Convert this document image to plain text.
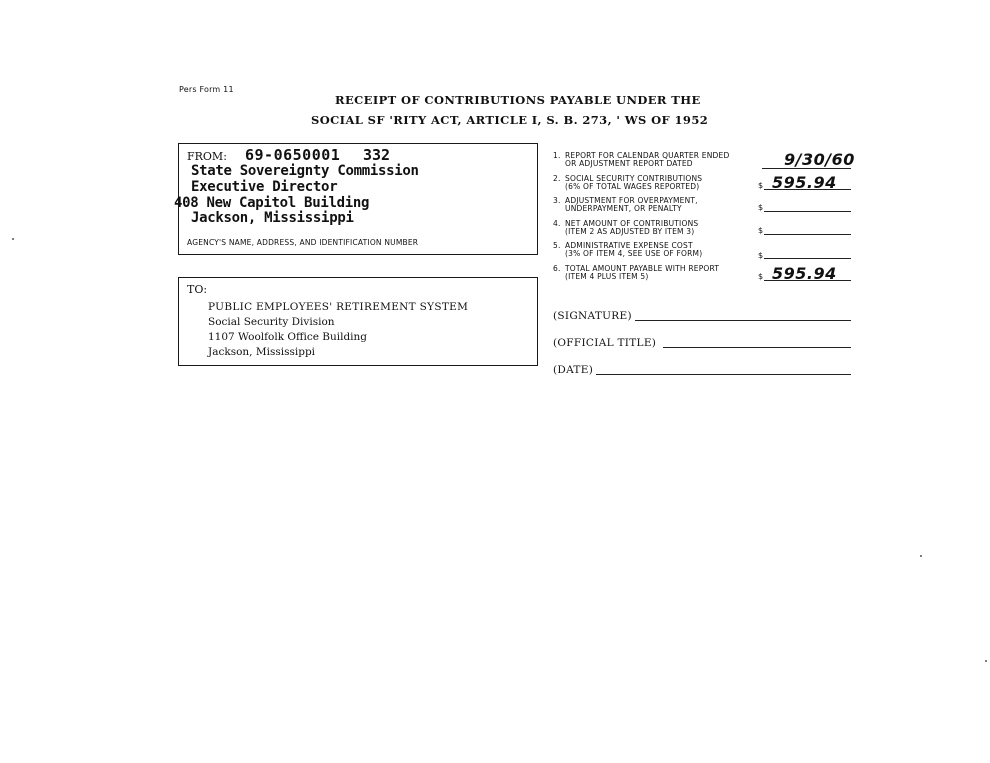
Pers Form 11
RECEIPT OF CONTRIBUTIONS PAYABLE UNDER THE
SOCIAL SF 'RITY ACT, ARTICLE I, S. B. 273, ' WS OF 1952
FROM: 69-0650001 332
State Sovereignty Commission
Executive Director
408 New Capitol Building
Jackson, Mississippi
AGENCY'S NAME, ADDRESS, AND IDENTIFICATION NUMBER
TO:
PUBLIC EMPLOYEES' RETIREMENT SYSTEM
Social Security Division
1107 Woolfolk Office Building
Jackson, Mississippi
1. REPORT FOR CALENDAR QUARTER ENDED
OR ADJUSTMENT REPORT DATED	9/30/60
2. SOCIAL SECURITY CONTRIBUTIONS
(6% OF TOTAL WAGES REPORTED)	$ 595.94
3. ADJUSTMENT FOR OVERPAYMENT,
UNDERPAYMENT, OR PENALTY	$
4. NET AMOUNT OF CONTRIBUTIONS
(ITEM 2 AS ADJUSTED BY ITEM 3)	$
5. ADMINISTRATIVE EXPENSE COST
(3% OF ITEM 4, SEE USE OF FORM)	$
6. TOTAL AMOUNT PAYABLE WITH REPORT
(ITEM 4 PLUS ITEM 5)	$ 595.94
(SIGNATURE)
(OFFICIAL TITLE)
(DATE)
